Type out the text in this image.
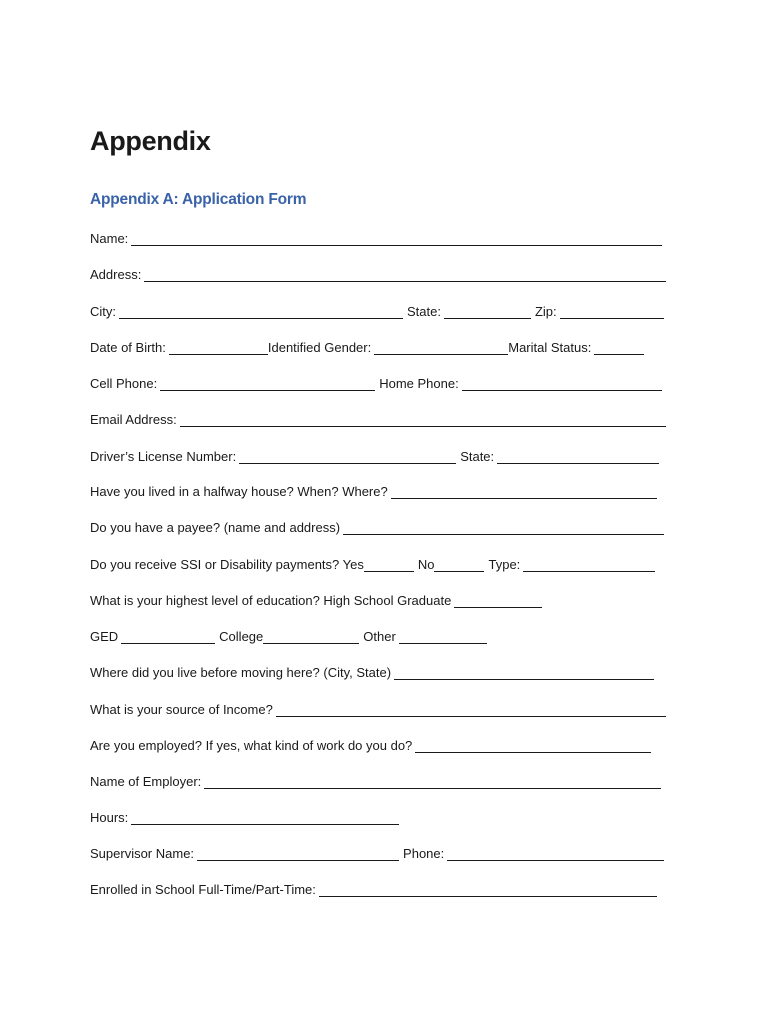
Appendix
Appendix A: Application Form
Name:
Address:
City:	State:	Zip:
Date of Birth:	Identified Gender:	Marital Status:
Cell Phone:	Home Phone:
Email Address:
Driver’s License Number:	State:
Have you lived in a halfway house? When? Where?
Do you have a payee? (name and address)
Do you receive SSI or Disability payments? Yes	No	Type:
What is your highest level of education? High School Graduate
GED	College	Other
Where did you live before moving here? (City, State)
What is your source of Income?
Are you employed? If yes, what kind of work do you do?
Name of Employer:
Hours:
Supervisor Name:	Phone:
Enrolled in School Full-Time/Part-Time:
